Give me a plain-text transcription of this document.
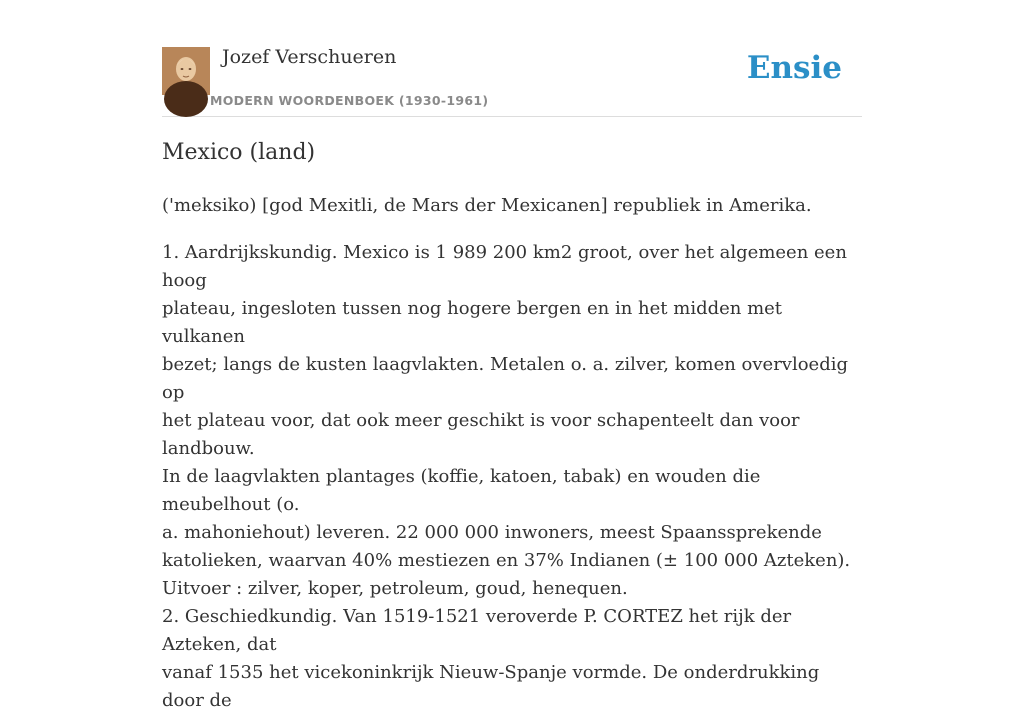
Jozef Verschueren
MODERN WOORDENBOEK (1930-1961)
Ensie
Mexico (land)

('meksiko) [god Mexitli, de Mars der Mexicanen] republiek in Amerika.

1. Aardrijkskundig. Mexico is 1 989 200 km2 groot, over het algemeen een hoog
plateau, ingesloten tussen nog hogere bergen en in het midden met vulkanen
bezet; langs de kusten laagvlakten. Metalen o. a. zilver, komen overvloedig op
het plateau voor, dat ook meer geschikt is voor schapenteelt dan voor landbouw.
In de laagvlakten plantages (koffie, katoen, tabak) en wouden die meubelhout (o.
a. mahoniehout) leveren. 22 000 000 inwoners, meest Spaanssprekende
katolieken, waarvan 40% mestiezen en 37% Indianen (± 100 000 Azteken).
Uitvoer : zilver, koper, petroleum, goud, henequen.

2. Geschiedkundig. Van 1519-1521 veroverde P. CORTEZ het rijk der Azteken, dat
vanaf 1535 het vicekoninkrijk Nieuw-Spanje vormde. De onderdrukking door de
